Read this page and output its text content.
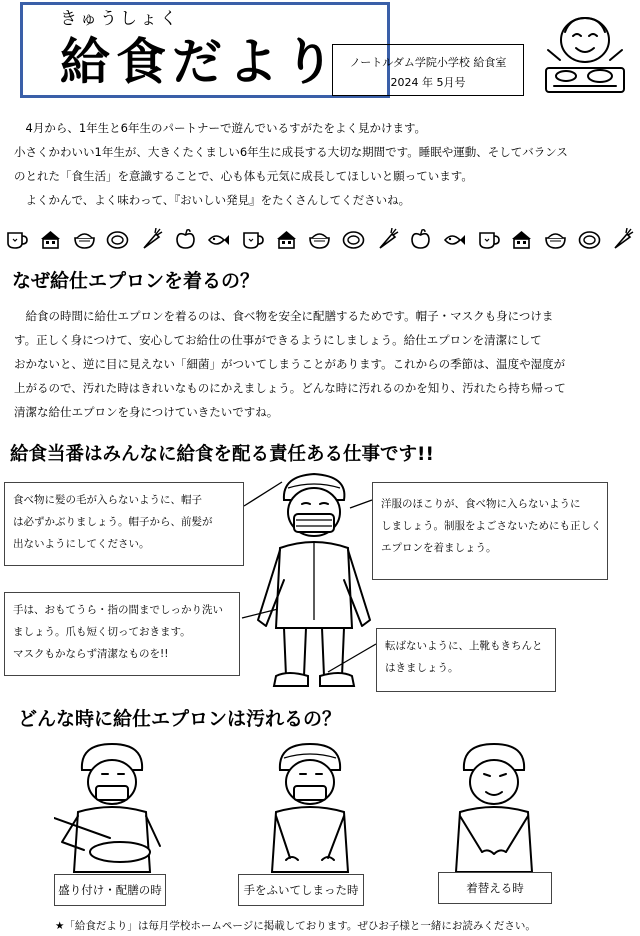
きゅうしょく
給食だより ノートルダム学院小学校 給食室
2024 年 5月号
　4月から、1年生と6年生のパートナーで遊んでいるすがたをよく見かけます。
小さくかわいい1年生が、大きくたくましい6年生に成長する大切な期間です。睡眠や運動、そしてバランス
のとれた「食生活」を意識することで、心も体も元気に成長してほしいと願っています。
　よくかんで、よく味わって、『おいしい発見』をたくさんしてくださいね。
なぜ給仕エプロンを着るの？
　給食の時間に給仕エプロンを着るのは、食べ物を安全に配膳するためです。帽子・マスクも身につけま
す。正しく身につけて、安心してお給仕の仕事ができるようにしましょう。給仕エプロンを清潔にして
おかないと、逆に目に見えない「細菌」がついてしまうことがあります。これからの季節は、温度や湿度が
上がるので、汚れた時はきれいなものにかえましょう。どんな時に汚れるのかを知り、汚れたら持ち帰って
清潔な給仕エプロンを身につけていきたいですね。
給食当番はみんなに給食を配る責任ある仕事です!!
食べ物に髪の毛が入らないように、帽子
は必ずかぶりましょう。帽子から、前髪が
出ないようにしてください。
洋服のほこりが、食べ物に入らないように
しましょう。制服をよごさないためにも正しく
エプロンを着ましょう。
手は、おもてうら・指の間までしっかり洗い
ましょう。爪も短く切っておきます。
マスクもかならず清潔なものを!!
転ばないように、上靴もきちんと
はきましょう。
どんな時に給仕エプロンは汚れるの？
盛り付け・配膳の時	手をふいてしまった時	着替える時
★「給食だより」は毎月学校ホームページに掲載しております。ぜひお子様と一緒にお読みください。
